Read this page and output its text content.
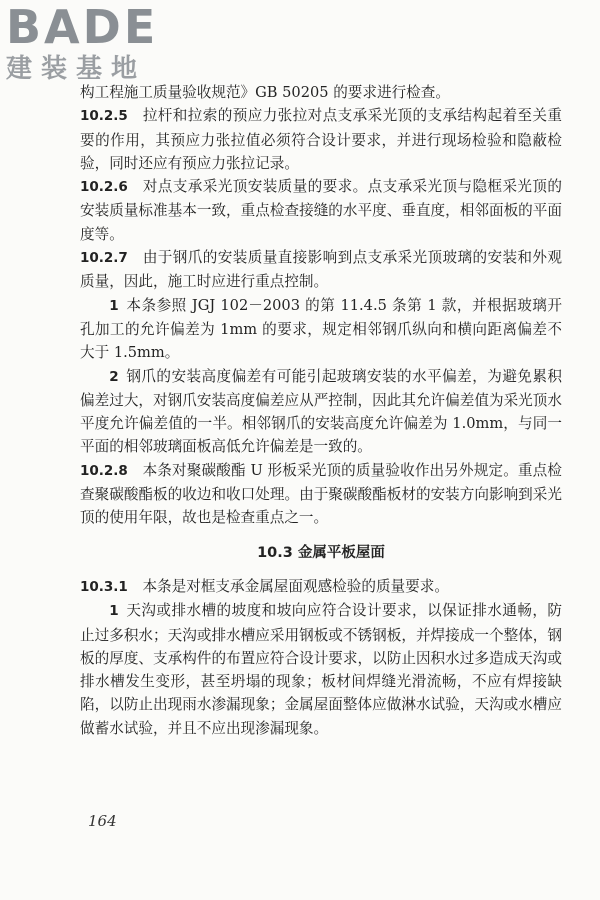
BADE
建装基地

构工程施工质量验收规范》GB 50205 的要求进行检查。

10.2.5  拉杆和拉索的预应力张拉对点支承采光顶的支承结构起着至关重要的作用，其预应力张拉值必须符合设计要求，并进行现场检验和隐蔽检验，同时还应有预应力张拉记录。

10.2.6  对点支承采光顶安装质量的要求。点支承采光顶与隐框采光顶的安装质量标准基本一致，重点检查接缝的水平度、垂直度，相邻面板的平面度等。

10.2.7  由于钢爪的安装质量直接影响到点支承采光顶玻璃的安装和外观质量，因此，施工时应进行重点控制。

1  本条参照 JGJ 102－2003 的第 11.4.5 条第 1 款，并根据玻璃开孔加工的允许偏差为 1mm 的要求，规定相邻钢爪纵向和横向距离偏差不大于 1.5mm。

2  钢爪的安装高度偏差有可能引起玻璃安装的水平偏差，为避免累积偏差过大，对钢爪安装高度偏差应从严控制，因此其允许偏差值为采光顶水平度允许偏差值的一半。相邻钢爪的安装高度允许偏差为 1.0mm，与同一平面的相邻玻璃面板高低允许偏差是一致的。

10.2.8  本条对聚碳酸酯 U 形板采光顶的质量验收作出另外规定。重点检查聚碳酸酯板的收边和收口处理。由于聚碳酸酯板材的安装方向影响到采光顶的使用年限，故也是检查重点之一。

10.3 金属平板屋面

10.3.1  本条是对框支承金属屋面观感检验的质量要求。

1  天沟或排水槽的坡度和坡向应符合设计要求，以保证排水通畅，防止过多积水；天沟或排水槽应采用钢板或不锈钢板，并焊接成一个整体，钢板的厚度、支承构件的布置应符合设计要求，以防止因积水过多造成天沟或排水槽发生变形，甚至坍塌的现象；板材间焊缝光滑流畅，不应有焊接缺陷，以防止出现雨水渗漏现象；金属屋面整体应做淋水试验，天沟或水槽应做蓄水试验，并且不应出现渗漏现象。

164
